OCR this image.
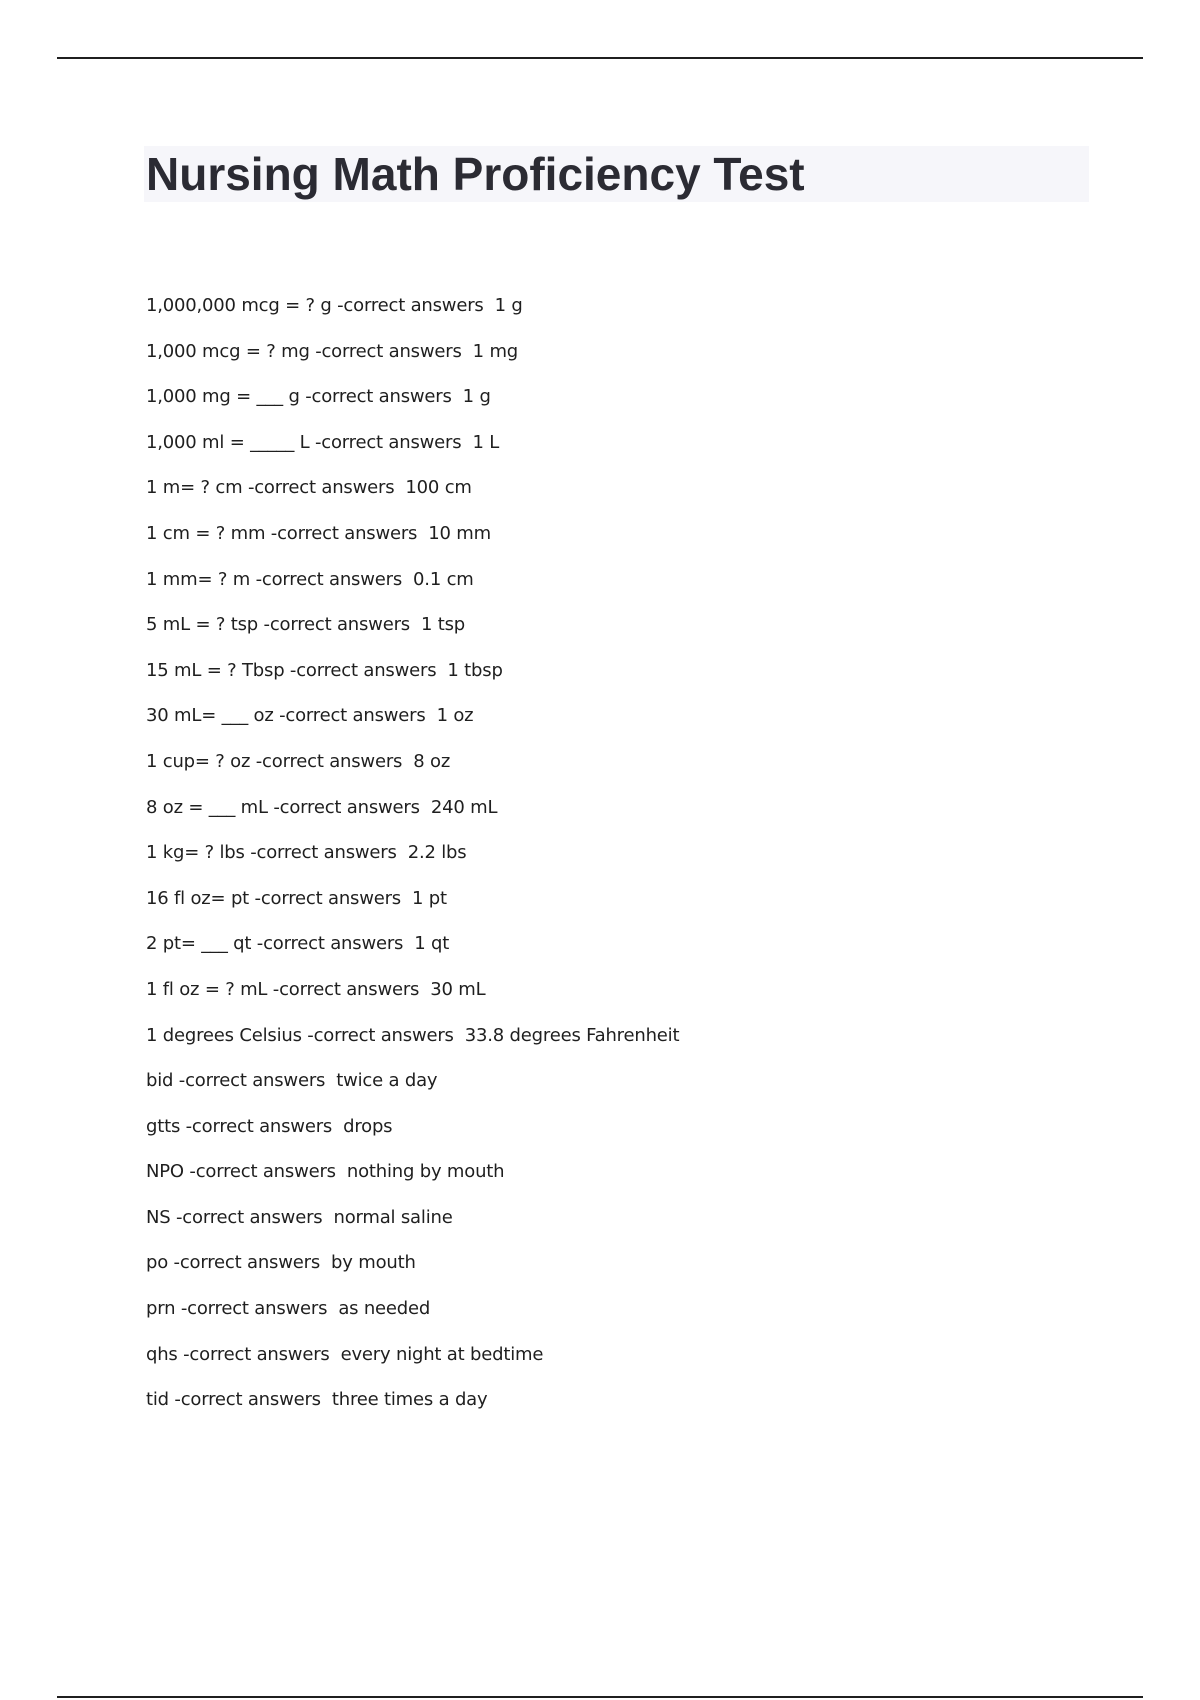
Nursing Math Proficiency Test
1,000,000 mcg = ? g -correct answers  1 g
1,000 mcg = ? mg -correct answers  1 mg
1,000 mg = ___ g -correct answers  1 g
1,000 ml = _____ L -correct answers  1 L
1 m= ? cm -correct answers  100 cm
1 cm = ? mm -correct answers  10 mm
1 mm= ? m -correct answers  0.1 cm
5 mL = ? tsp -correct answers  1 tsp
15 mL = ? Tbsp -correct answers  1 tbsp
30 mL= ___ oz -correct answers  1 oz
1 cup= ? oz -correct answers  8 oz
8 oz = ___ mL -correct answers  240 mL
1 kg= ? lbs -correct answers  2.2 lbs
16 fl oz= pt -correct answers  1 pt
2 pt= ___ qt -correct answers  1 qt
1 fl oz = ? mL -correct answers  30 mL
1 degrees Celsius -correct answers  33.8 degrees Fahrenheit
bid -correct answers  twice a day
gtts -correct answers  drops
NPO -correct answers  nothing by mouth
NS -correct answers  normal saline
po -correct answers  by mouth
prn -correct answers  as needed
qhs -correct answers  every night at bedtime
tid -correct answers  three times a day
